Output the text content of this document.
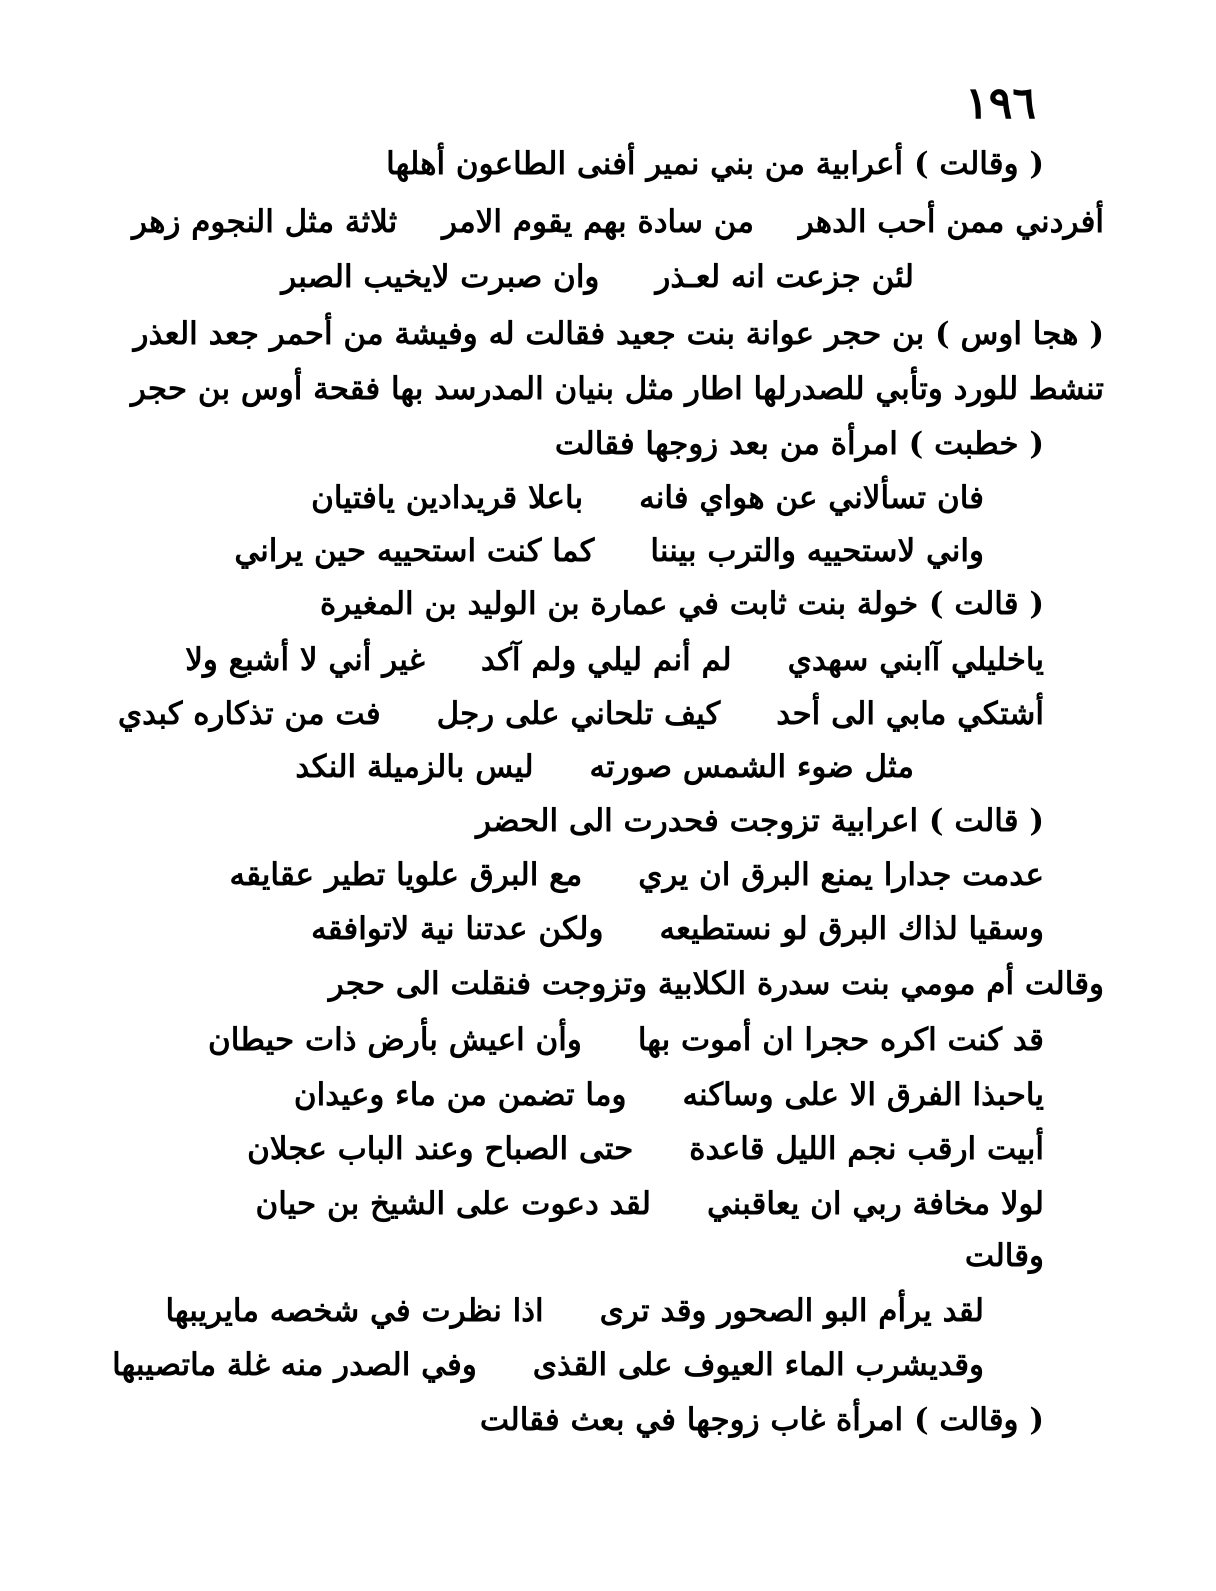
١٩٦
( وقالت ) أعرابية من بني نمير أفنى الطاعون أهلها
أفردني ممن أحب الدهر
من سادة بهم يقوم الامر
ثلاثة مثل النجوم زهر
لئن جزعت انه لعـذر
وان صبرت لايخيب الصبر
( هجا اوس ) بن حجر عوانة بنت جعيد فقالت له وفيشة من أحمر جعد العذر
تنشط للورد وتأبي للصدر
لها اطار مثل بنيان المدر
سد بها فقحة أوس بن حجر
( خطبت ) امرأة من بعد زوجها فقالت
فان تسألاني عن هواي فانه
باعلا قريدادين يافتيان
واني لاستحييه والترب بيننا
كما كنت استحييه حين يراني
( قالت ) خولة بنت ثابت في عمارة بن الوليد بن المغيرة
ياخليلي آابني سهدي
لم أنم ليلي ولم آكد
غير أني لا أشبع ولا
أشتكي مابي الى أحد
كيف تلحاني على رجل
فت من تذكاره كبدي
مثل ضوء الشمس صورته
ليس بالزميلة النكد
( قالت ) اعرابية تزوجت فحدرت الى الحضر
عدمت جدارا يمنع البرق ان يري
مع البرق علويا تطير عقايقه
وسقيا لذاك البرق لو نستطيعه
ولكن عدتنا نية لاتوافقه
وقالت أم مومي بنت سدرة الكلابية وتزوجت فنقلت الى حجر
قد كنت اكره حجرا ان أموت بها
وأن اعيش بأرض ذات حيطان
ياحبذا الفرق الا على وساكنه
وما تضمن من ماء وعيدان
أبيت ارقب نجم الليل قاعدة
حتى الصباح وعند الباب عجلان
لولا مخافة ربي ان يعاقبني
لقد دعوت على الشيخ بن حيان
وقالت
لقد يرأم البو الصحور وقد ترى
اذا نظرت في شخصه مايريبها
وقديشرب الماء العيوف على القذى
وفي الصدر منه غلة ماتصيبها
( وقالت ) امرأة غاب زوجها في بعث فقالت
